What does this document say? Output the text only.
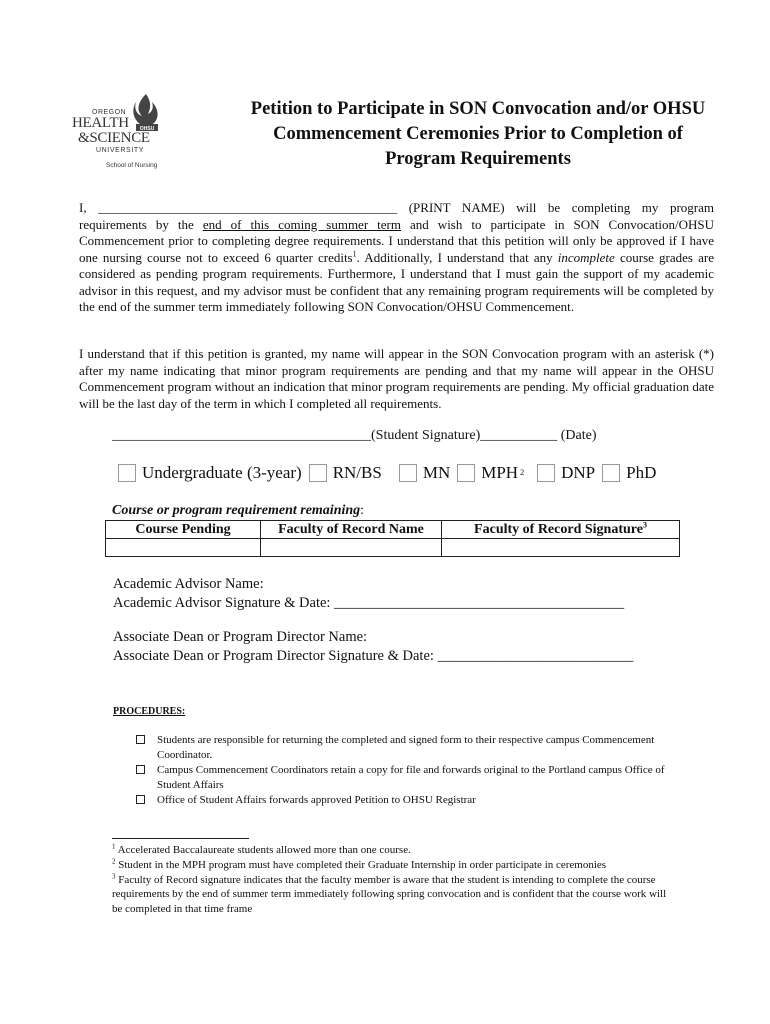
OHSU
OREGON
HEALTH
&SCIENCE
UNIVERSITY
School of Nursing
Petition to Participate in SON Convocation and/or OHSU Commencement Ceremonies Prior to Completion of Program Requirements
I, ______________________________________________ (PRINT NAME) will be completing my program requirements by the end of this coming summer term and wish to participate in SON Convocation/OHSU Commencement prior to completing degree requirements. I understand that this petition will only be approved if I have one nursing course not to exceed 6 quarter credits$^1$. Additionally, I understand that any incomplete course grades are considered as pending program requirements. Furthermore, I understand that I must gain the support of my academic advisor in this request, and my advisor must be confident that any remaining program requirements will be completed by the end of the summer term immediately following SON Convocation/OHSU Commencement.
I understand that if this petition is granted, my name will appear in the SON Convocation program with an asterisk (*) after my name indicating that minor program requirements are pending and that my name will appear in the OHSU Commencement program without an indication that minor program requirements are pending. My official graduation date will be the last day of the term in which I completed all requirements.
_____________________________________(Student Signature)___________ (Date)
Undergraduate (3-year) RN/BS MN MPH 2 DNP PhD
Course or program requirement remaining:
Course Pending	Faculty of Record Name	Faculty of Record Signature$^3$

Academic Advisor Name:
Academic Advisor Signature & Date: ________________________________________
Associate Dean or Program Director Name:
Associate Dean or Program Director Signature & Date: ___________________________
PROCEDURES:
Students are responsible for returning the completed and signed form to their respective campus Commencement Coordinator.
Campus Commencement Coordinators retain a copy for file and forwards original to the Portland campus Office of Student Affairs
Office of Student Affairs forwards approved Petition to OHSU Registrar
$^1$ Accelerated Baccalaureate students allowed more than one course.
$^2$ Student in the MPH program must have completed their Graduate Internship in order participate in ceremonies
$^3$ Faculty of Record signature indicates that the faculty member is aware that the student is intending to complete the course requirements by the end of summer term immediately following spring convocation and is confident that the course work will be completed in that time frame
